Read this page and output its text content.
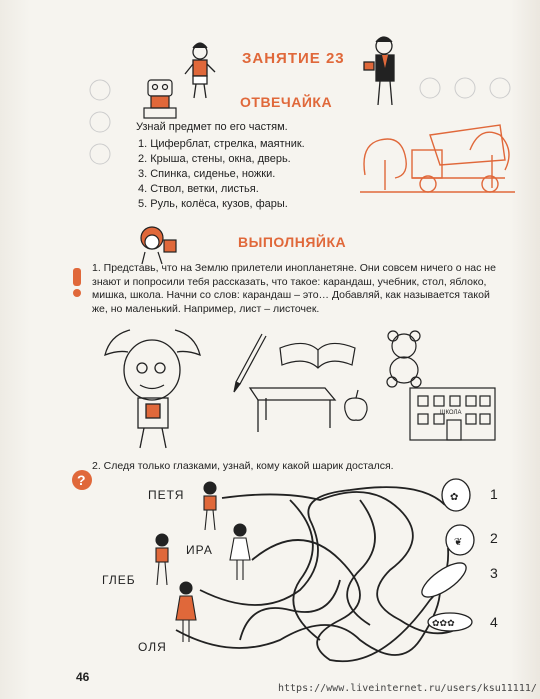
?
✿
❦
✿✿✿
ЗАНЯТИЕ 23
ОТВЕЧАЙКА
Узнай предмет по его частям.
1. Циферблат, стрелка, маятник.
2. Крыша, стены, окна, дверь.
3. Спинка, сиденье, ножки.
4. Ствол, ветки, листья.
5. Руль, колёса, кузов, фары.
ВЫПОЛНЯЙКА
1. Представь, что на Землю прилетели инопланетяне. Они совсем ничего о нас не знают и попросили тебя рассказать, что такое: карандаш, учебник, стол, яблоко, мишка, школа. Начни со слов: карандаш – это… Добавляй, как называется такой же, но маленький. Например, лист – листочек.
ШКОЛА
2. Следя только глазками, узнай, кому какой шарик достался.
ПЕТЯ
ИРА
ГЛЕБ
ОЛЯ
1
2
3
4
46
https://www.liveinternet.ru/users/ksu11111/
